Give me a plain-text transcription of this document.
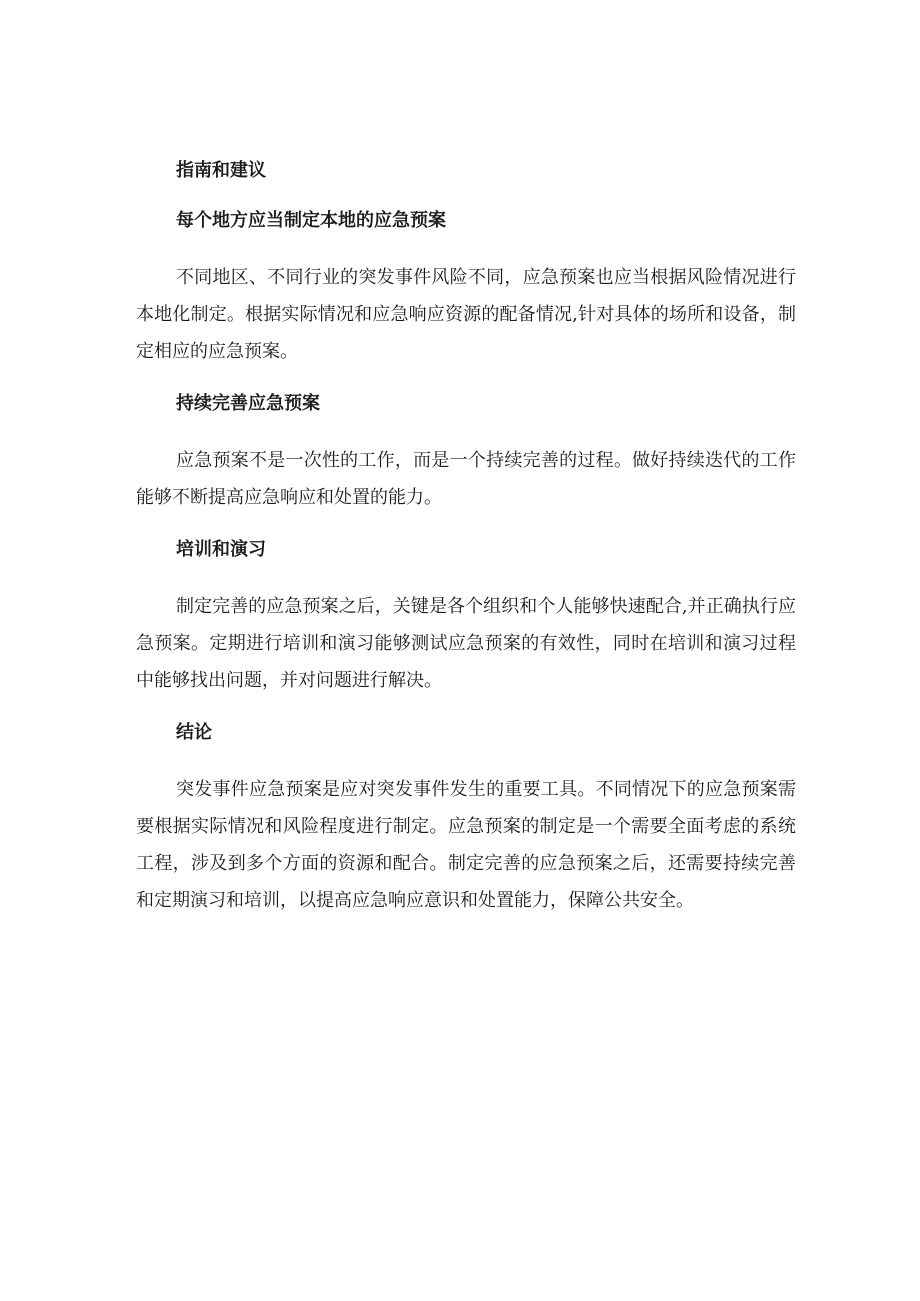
指南和建议
每个地方应当制定本地的应急预案

不同地区、不同行业的突发事件风险不同，应急预案也应当根据风险情况进行本地化制定。根据实际情况和应急响应资源的配备情况,针对具体的场所和设备，制定相应的应急预案。

持续完善应急预案

应急预案不是一次性的工作，而是一个持续完善的过程。做好持续迭代的工作能够不断提高应急响应和处置的能力。

培训和演习

制定完善的应急预案之后，关键是各个组织和个人能够快速配合,并正确执行应急预案。定期进行培训和演习能够测试应急预案的有效性，同时在培训和演习过程中能够找出问题，并对问题进行解决。

结论

突发事件应急预案是应对突发事件发生的重要工具。不同情况下的应急预案需要根据实际情况和风险程度进行制定。应急预案的制定是一个需要全面考虑的系统工程，涉及到多个方面的资源和配合。制定完善的应急预案之后，还需要持续完善和定期演习和培训，以提高应急响应意识和处置能力，保障公共安全。
